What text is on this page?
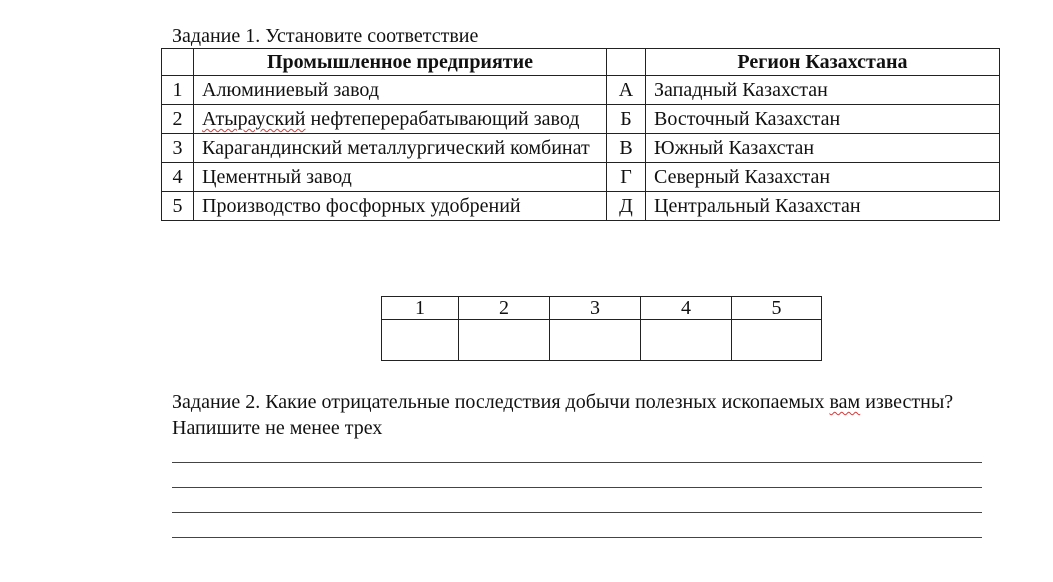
Задание 1. Установите соответствие
	Промышленное предприятие		Регион Казахстана
1	Алюминиевый завод	А	Западный Казахстан
2	Атырауский нефтеперерабатывающий завод	Б	Восточный Казахстан
3	Карагандинский металлургический комбинат	В	Южный Казахстан
4	Цементный завод	Г	Северный Казахстан
5	Производство фосфорных удобрений	Д	Центральный Казахстан
1	2	3	4	5

Задание 2. Какие отрицательные последствия добычи полезных ископаемых вам известны? Напишите не менее трех
